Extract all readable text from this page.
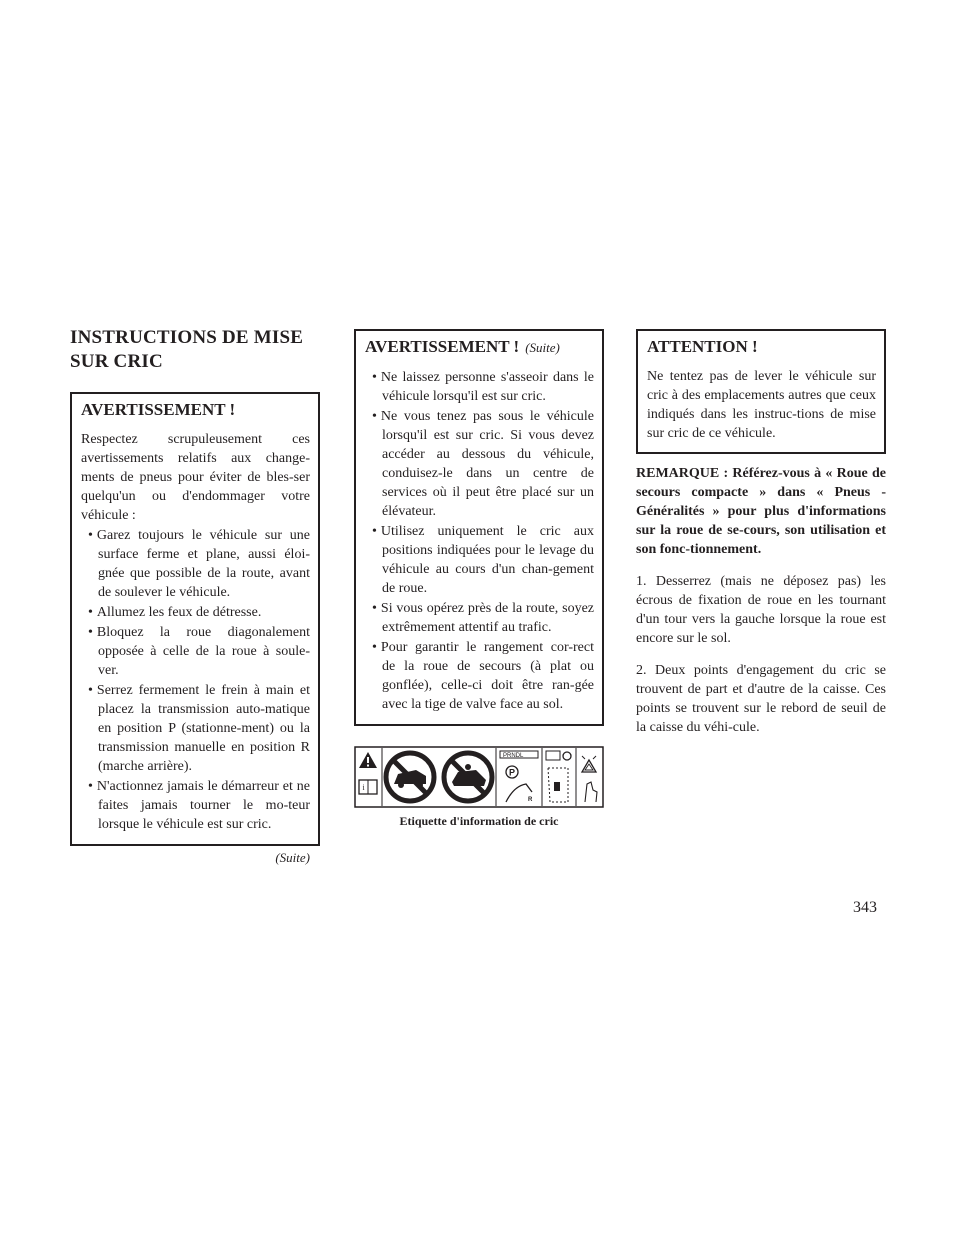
INSTRUCTIONS DE MISE
SUR CRIC
AVERTISSEMENT !

Respectez scrupuleusement ces avertissements relatifs aux change-ments de pneus pour éviter de bles-ser quelqu'un ou d'endommager votre véhicule :

• Garez toujours le véhicule sur une surface ferme et plane, aussi éloi-gnée que possible de la route, avant de soulever le véhicule.
• Allumez les feux de détresse.
• Bloquez la roue diagonalement opposée à celle de la roue à soule-ver.
• Serrez fermement le frein à main et placez la transmission auto-matique en position P (stationne-ment) ou la transmission manuelle en position R (marche arrière).
• N'actionnez jamais le démarreur et ne faites jamais tourner le mo-teur lorsque le véhicule est sur cric.
(Suite)
AVERTISSEMENT ! (Suite)
• Ne laissez personne s'asseoir dans le véhicule lorsqu'il est sur cric.
• Ne vous tenez pas sous le véhicule lorsqu'il est sur cric. Si vous devez accéder au dessous du véhicule, conduisez-le dans un centre de services où il peut être placé sur un élévateur.
• Utilisez uniquement le cric aux positions indiquées pour le levage du véhicule au cours d'un chan-gement de roue.
• Si vous opérez près de la route, soyez extrêmement attentif au trafic.
• Pour garantir le rangement cor-rect de la roue de secours (à plat ou gonflée), celle-ci doit être ran-gée avec la tige de valve face au sol.
i
PRNDL
P
R
Etiquette d'information de cric
ATTENTION !

Ne tentez pas de lever le véhicule sur cric à des emplacements autres que ceux indiqués dans les instruc-tions de mise sur cric de ce véhicule.

REMARQUE : Référez-vous à « Roue de secours compacte » dans « Pneus - Généralités » pour plus d'informations sur la roue de se-cours, son utilisation et son fonc-tionnement.

1. Desserrez (mais ne déposez pas) les écrous de fixation de roue en les tournant d'un tour vers la gauche lorsque la roue est encore sur le sol.

2. Deux points d'engagement du cric se trouvent de part et d'autre de la caisse. Ces points se trouvent sur le rebord de seuil de la caisse du véhi-cule.

343
